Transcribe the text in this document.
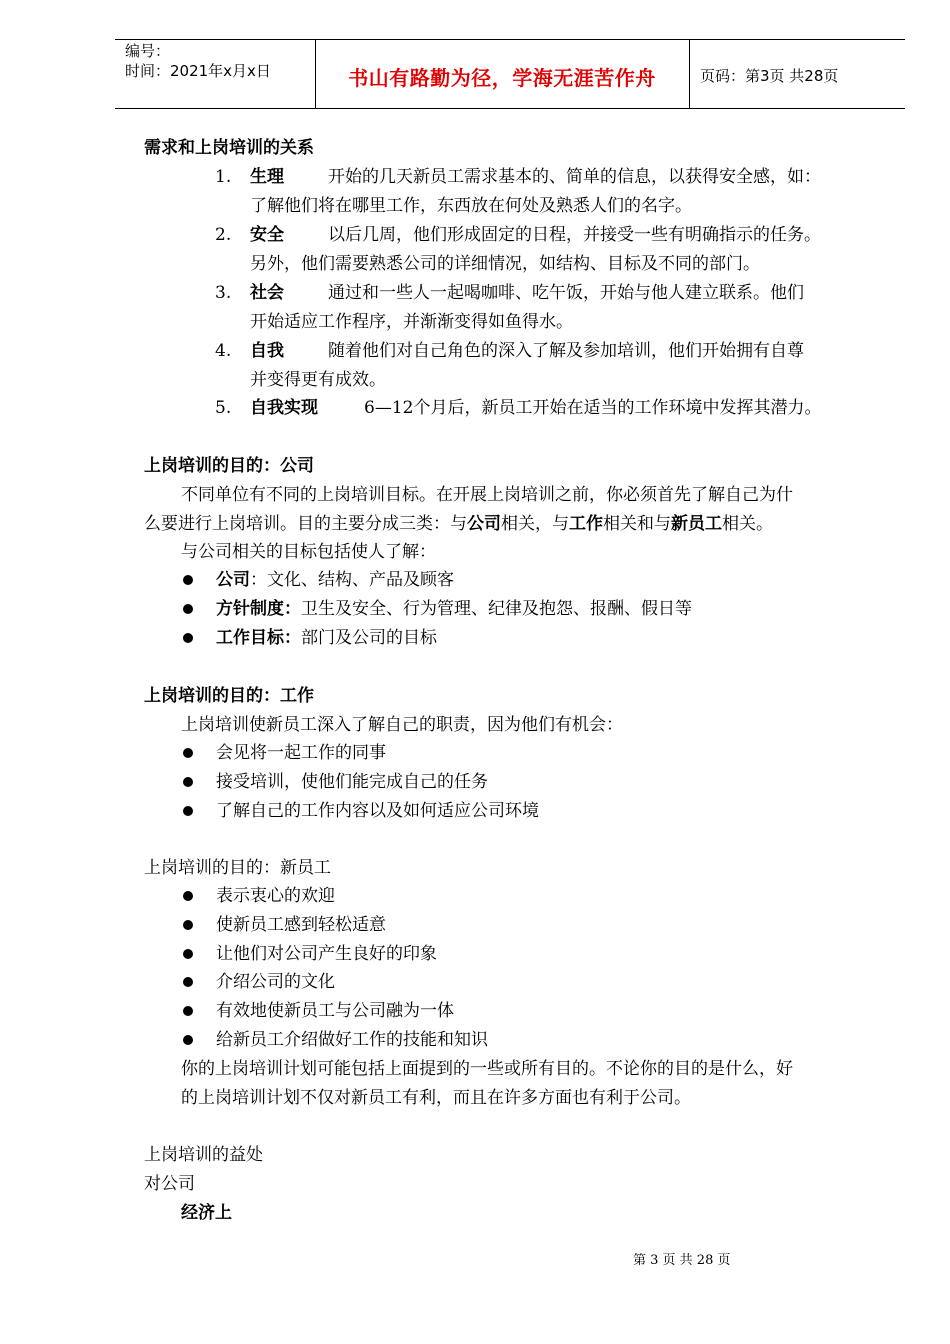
编号：
时间：2021年x月x日	书山有路勤为径，学海无涯苦作舟	页码：第3页 共28页
需求和上岗培训的关系
1. 生理	开始的几天新员工需求基本的、简单的信息，以获得安全感，如：
了解他们将在哪里工作，东西放在何处及熟悉人们的名字。
2. 安全	以后几周，他们形成固定的日程，并接受一些有明确指示的任务。
另外，他们需要熟悉公司的详细情况，如结构、目标及不同的部门。
3. 社会	通过和一些人一起喝咖啡、吃午饭，开始与他人建立联系。他们
开始适应工作程序，并渐渐变得如鱼得水。
4. 自我	随着他们对自己角色的深入了解及参加培训，他们开始拥有自尊
并变得更有成效。
5. 自我实现	6—12个月后，新员工开始在适当的工作环境中发挥其潜力。
上岗培训的目的：公司
不同单位有不同的上岗培训目标。在开展上岗培训之前，你必须首先了解自己为什
么要进行上岗培训。目的主要分成三类：与公司相关，与工作相关和与新员工相关。
与公司相关的目标包括使人了解：
公司：文化、结构、产品及顾客
方针制度：卫生及安全、行为管理、纪律及抱怨、报酬、假日等
工作目标：部门及公司的目标
上岗培训的目的：工作
上岗培训使新员工深入了解自己的职责，因为他们有机会：
会见将一起工作的同事
接受培训，使他们能完成自己的任务
了解自己的工作内容以及如何适应公司环境
上岗培训的目的：新员工
表示衷心的欢迎
使新员工感到轻松适意
让他们对公司产生良好的印象
介绍公司的文化
有效地使新员工与公司融为一体
给新员工介绍做好工作的技能和知识
你的上岗培训计划可能包括上面提到的一些或所有目的。不论你的目的是什么，好
的上岗培训计划不仅对新员工有利，而且在许多方面也有利于公司。
上岗培训的益处
对公司
经济上
第 3 页 共 28 页
